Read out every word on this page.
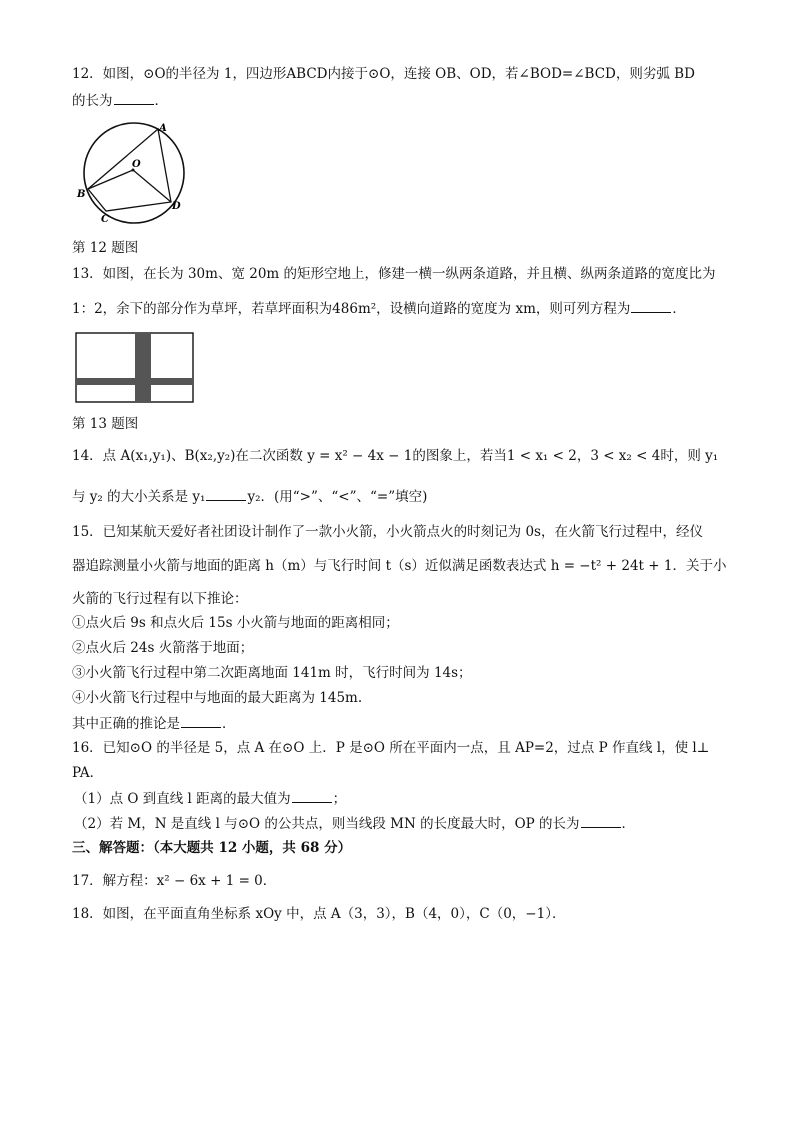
12．如图，⊙O的半径为 1，四边形ABCD内接于⊙O，连接 OB、OD，若∠BOD=∠BCD，则劣弧 BD
的长为	．
A
O
B
C
D
第 12 题图
13．如图，在长为 30m、宽 20m 的矩形空地上，修建一横一纵两条道路，并且横、纵两条道路的宽度比为
1：2，余下的部分作为草坪，若草坪面积为486m²，设横向道路的宽度为 xm，则可列方程为	．
第 13 题图
14．点 A(x₁,y₁)、B(x₂,y₂)在二次函数 y = x² − 4x − 1的图象上，若当1 < x₁ < 2，3 < x₂ < 4时，则 y₁
与 y₂ 的大小关系是 y₁	y₂．(用“>”、“<”、“=”填空)
15．已知某航天爱好者社团设计制作了一款小火箭，小火箭点火的时刻记为 0s，在火箭飞行过程中，经仪
器追踪测量小火箭与地面的距离 h（m）与飞行时间 t（s）近似满足函数表达式 h = −t² + 24t + 1．关于小
火箭的飞行过程有以下推论：
①点火后 9s 和点火后 15s 小火箭与地面的距离相同；
②点火后 24s 火箭落于地面；
③小火箭飞行过程中第二次距离地面 141m 时，飞行时间为 14s；
④小火箭飞行过程中与地面的最大距离为 145m.
其中正确的推论是	．
16．已知⊙O 的半径是 5，点 A 在⊙O 上．P 是⊙O 所在平面内一点，且 AP=2，过点 P 作直线 l，使 l⊥
PA．
（1）点 O 到直线 l 距离的最大值为	；
（2）若 M，N 是直线 l 与⊙O 的公共点，则当线段 MN 的长度最大时，OP 的长为	．
三、解答题：（本大题共 12 小题，共 68 分）
17．解方程：x² − 6x + 1 = 0．
18．如图，在平面直角坐标系 xOy 中，点 A（3，3），B（4，0），C（0，−1）．
